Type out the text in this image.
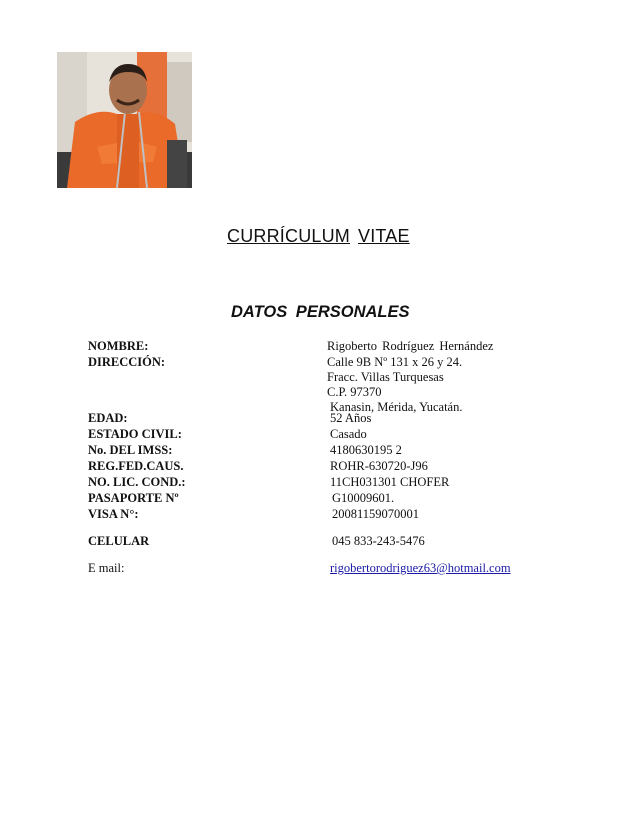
CURRÍCULUM VITAE
DATOS PERSONALES
NOMBRE:
DIRECCIÓN:
EDAD:
ESTADO CIVIL:
No. DEL IMSS:
REG.FED.CAUS.
NO. LIC. COND.:
PASAPORTE Nº
VISA N°:
CELULAR
E mail:
Rigoberto Rodríguez Hernández
Calle 9B Nº 131 x 26 y 24.
Fracc. Villas Turquesas
C.P. 97370
Kanasin, Mérida, Yucatán.
52 Años
Casado
4180630195 2
ROHR-630720-J96
11CH031301 CHOFER
G10009601.
20081159070001
045 833-243-5476
rigobertorodriguez63@hotmail.com
